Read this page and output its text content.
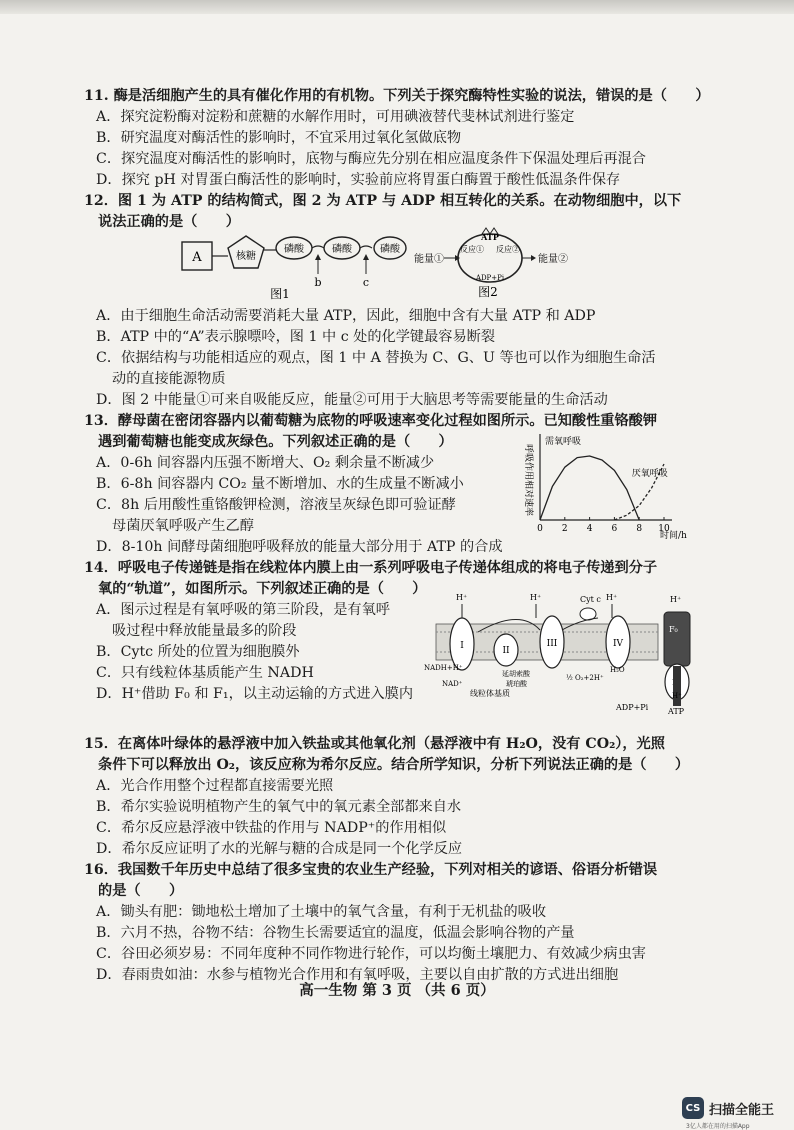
11. 酶是活细胞产生的具有催化作用的有机物。下列关于探究酶特性实验的说法，错误的是（　　）
A．探究淀粉酶对淀粉和蔗糖的水解作用时，可用碘液替代斐林试剂进行鉴定
B．研究温度对酶活性的影响时，不宜采用过氧化氢做底物
C．探究温度对酶活性的影响时，底物与酶应先分别在相应温度条件下保温处理后再混合
D．探究 pH 对胃蛋白酶活性的影响时，实验前应将胃蛋白酶置于酸性低温条件保存
12．图 1 为 ATP 的结构简式，图 2 为 ATP 与 ADP 相互转化的关系。在动物细胞中，以下
说法正确的是（　　）
A	核糖
磷酸	磷酸	磷酸
b	c
图1
能量①
ATP
反应① 反应②
ADP+Pi
能量②
图2
A．由于细胞生命活动需要消耗大量 ATP，因此，细胞中含有大量 ATP 和 ADP
B．ATP 中的“A”表示腺嘌呤，图 1 中 c 处的化学键最容易断裂
C．依据结构与功能相适应的观点，图 1 中 A 替换为 C、G、U 等也可以作为细胞生命活
动的直接能源物质
D．图 2 中能量①可来自吸能反应，能量②可用于大脑思考等需要能量的生命活动
13．酵母菌在密闭容器内以葡萄糖为底物的呼吸速率变化过程如图所示。已知酸性重铬酸钾
遇到葡萄糖也能变成灰绿色。下列叙述正确的是（　　）
A．0-6h 间容器内压强不断增大、O₂ 剩余量不断减少
B．6-8h 间容器内 CO₂ 量不断增加、水的生成量不断减小
C．8h 后用酸性重铬酸钾检测，溶液呈灰绿色即可验证酵
母菌厌氧呼吸产生乙醇
D．8-10h 间酵母菌细胞呼吸释放的能量大部分用于 ATP 的合成
呼吸作用相对速率
0 2 4 6 8 10
需氧呼吸
厌氧呼吸
时间/h
14．呼吸电子传递链是指在线粒体内膜上由一系列呼吸电子传递体组成的将电子传递到分子
氧的“轨道”，如图所示。下列叙述正确的是（　　）
A．图示过程是有氧呼吸的第三阶段，是有氧呼
吸过程中释放能量最多的阶段
B．Cytc 所处的位置为细胞膜外
C．只有线粒体基质能产生 NADH
D．H⁺借助 F₀ 和 F₁，以主动运输的方式进入膜内
I	II
III
Cyt c
IV
F₀
H⁺	H⁺	H⁺	H⁺
NADH+H⁺
NAD⁺
延胡索酸
琥珀酸
½ O₂+2H⁺
H₂O
线粒体基质
ADP+Pi ATP
H⁺
15．在离体叶绿体的悬浮液中加入铁盐或其他氧化剂（悬浮液中有 H₂O，没有 CO₂），光照
条件下可以释放出 O₂，该反应称为希尔反应。结合所学知识，分析下列说法正确的是（　　）
A．光合作用整个过程都直接需要光照
B．希尔实验说明植物产生的氧气中的氧元素全部都来自水
C．希尔反应悬浮液中铁盐的作用与 NADP⁺的作用相似
D．希尔反应证明了水的光解与糖的合成是同一个化学反应
16．我国数千年历史中总结了很多宝贵的农业生产经验，下列对相关的谚语、俗语分析错误
的是（　　）
A．锄头有肥：锄地松土增加了土壤中的氧气含量，有利于无机盐的吸收
B．六月不热，谷物不结：谷物生长需要适宜的温度，低温会影响谷物的产量
C．谷田必须岁易：不同年度种不同作物进行轮作，可以均衡土壤肥力、有效减少病虫害
D．春雨贵如油：水参与植物光合作用和有氧呼吸，主要以自由扩散的方式进出细胞
高一生物 第 3 页 （共 6 页）
CS 扫描全能王
3亿人都在用的扫描App
